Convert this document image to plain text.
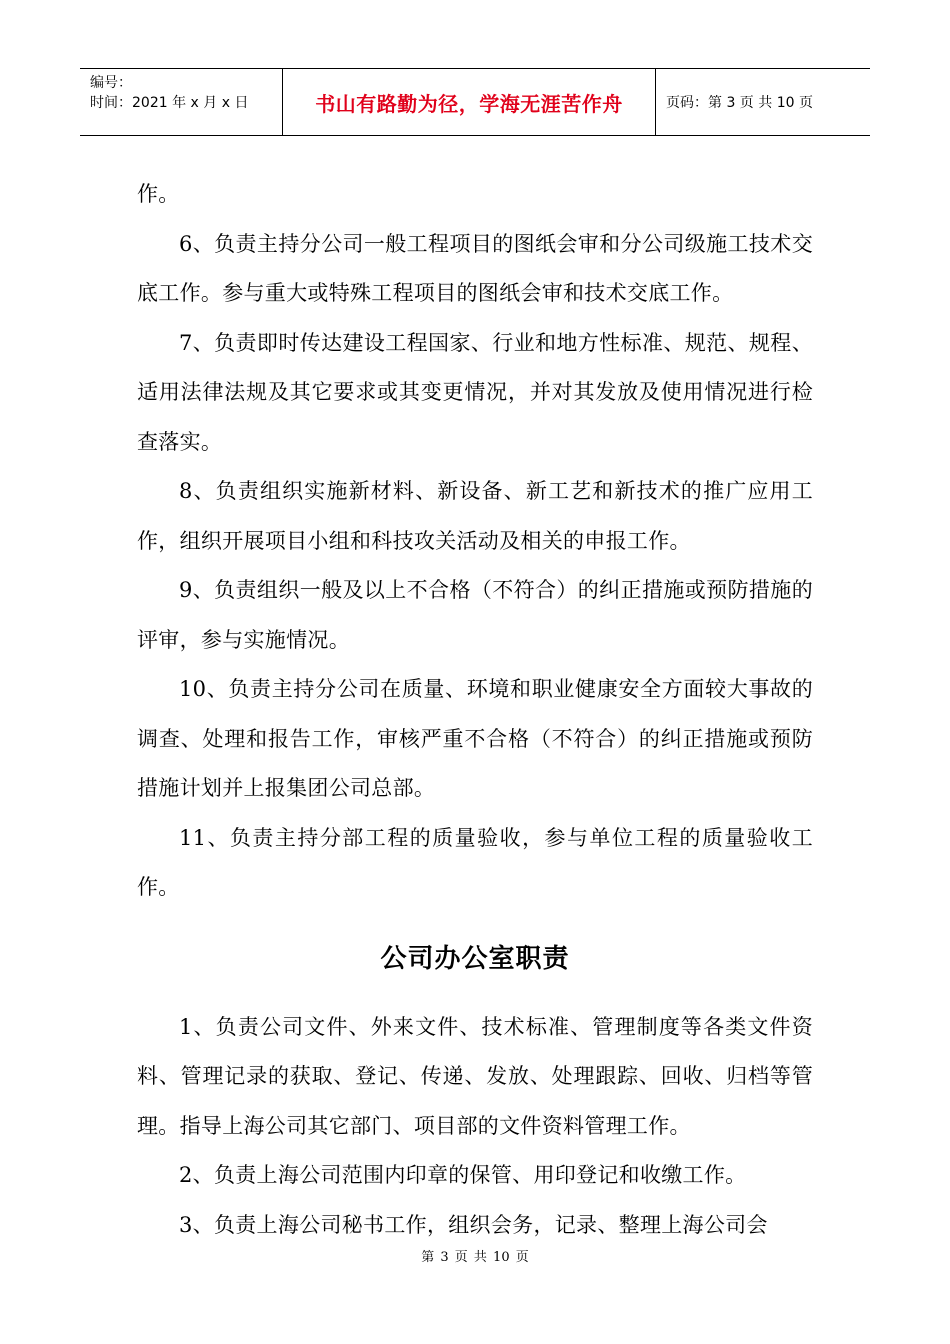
编号：
时间：2021 年 x 月 x 日	书山有路勤为径，学海无涯苦作舟	页码：第 3 页 共 10 页

作。

6、负责主持分公司一般工程项目的图纸会审和分公司级施工技术交底工作。参与重大或特殊工程项目的图纸会审和技术交底工作。

7、负责即时传达建设工程国家、行业和地方性标准、规范、规程、适用法律法规及其它要求或其变更情况，并对其发放及使用情况进行检查落实。

8、负责组织实施新材料、新设备、新工艺和新技术的推广应用工作，组织开展项目小组和科技攻关活动及相关的申报工作。

9、负责组织一般及以上不合格（不符合）的纠正措施或预防措施的评审，参与实施情况。

10、负责主持分公司在质量、环境和职业健康安全方面较大事故的调查、处理和报告工作，审核严重不合格（不符合）的纠正措施或预防措施计划并上报集团公司总部。

11、负责主持分部工程的质量验收，参与单位工程的质量验收工作。

公司办公室职责

1、负责公司文件、外来文件、技术标准、管理制度等各类文件资料、管理记录的获取、登记、传递、发放、处理跟踪、回收、归档等管理。指导上海公司其它部门、项目部的文件资料管理工作。

2、负责上海公司范围内印章的保管、用印登记和收缴工作。

3、负责上海公司秘书工作，组织会务，记录、整理上海公司会

第 3 页 共 10 页
